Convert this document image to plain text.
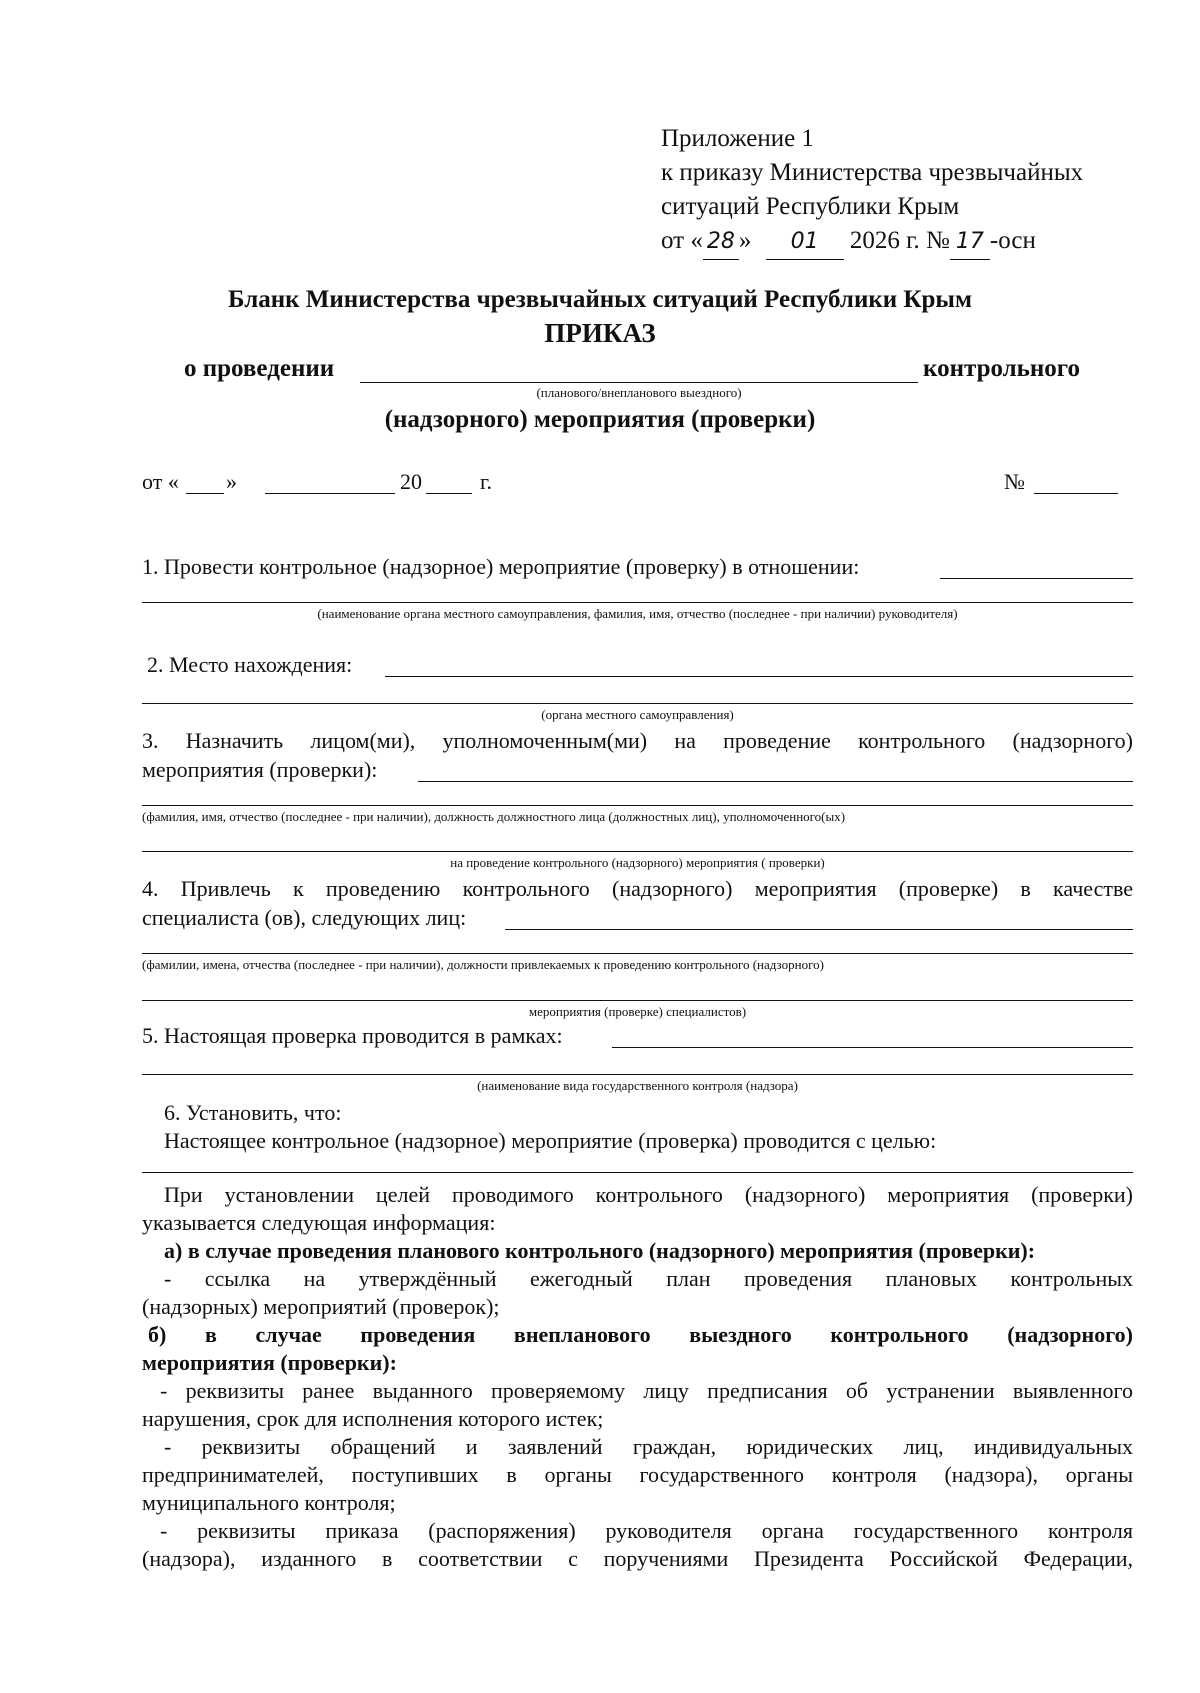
Приложение 1
к приказу Министерства чрезвычайных
ситуаций Республики Крым
от « 28 » 01 2026 г. № 17 -осн
Бланк Министерства чрезвычайных ситуаций Республики Крым
ПРИКАЗ
о проведении	контрольного
(планового/внепланового выездного)
(надзорного) мероприятия (проверки)
от « »	20	г.	№
1. Провести контрольное (надзорное) мероприятие (проверку) в отношении:
(наименование органа местного самоуправления, фамилия, имя, отчество (последнее - при наличии) руководителя)
2. Место нахождения:
(органа местного самоуправления)
3. Назначить лицом(ми), уполномоченным(ми) на проведение контрольного (надзорного)
мероприятия (проверки):
(фамилия, имя, отчество (последнее - при наличии), должность должностного лица (должностных лиц), уполномоченного(ых)
на проведение контрольного (надзорного) мероприятия ( проверки)
4. Привлечь к проведению контрольного (надзорного) мероприятия (проверке) в качестве
специалиста (ов), следующих лиц:
(фамилии, имена, отчества (последнее - при наличии), должности привлекаемых к проведению контрольного (надзорного)
мероприятия (проверке) специалистов)
5. Настоящая проверка проводится в рамках:
(наименование вида государственного контроля (надзора)
6. Установить, что:
Настоящее контрольное (надзорное) мероприятие (проверка) проводится с целью:
При установлении целей проводимого контрольного (надзорного) мероприятия (проверки)
указывается следующая информация:
а) в случае проведения планового контрольного (надзорного) мероприятия (проверки):
- ссылка на утверждённый ежегодный план проведения плановых контрольных
(надзорных) мероприятий (проверок);
б) в случае проведения внепланового выездного контрольного (надзорного)
мероприятия (проверки):
- реквизиты ранее выданного проверяемому лицу предписания об устранении выявленного
нарушения, срок для исполнения которого истек;
- реквизиты обращений и заявлений граждан, юридических лиц, индивидуальных
предпринимателей, поступивших в органы государственного контроля (надзора), органы
муниципального контроля;
- реквизиты приказа (распоряжения) руководителя органа государственного контроля
(надзора), изданного в соответствии с поручениями Президента Российской Федерации,
